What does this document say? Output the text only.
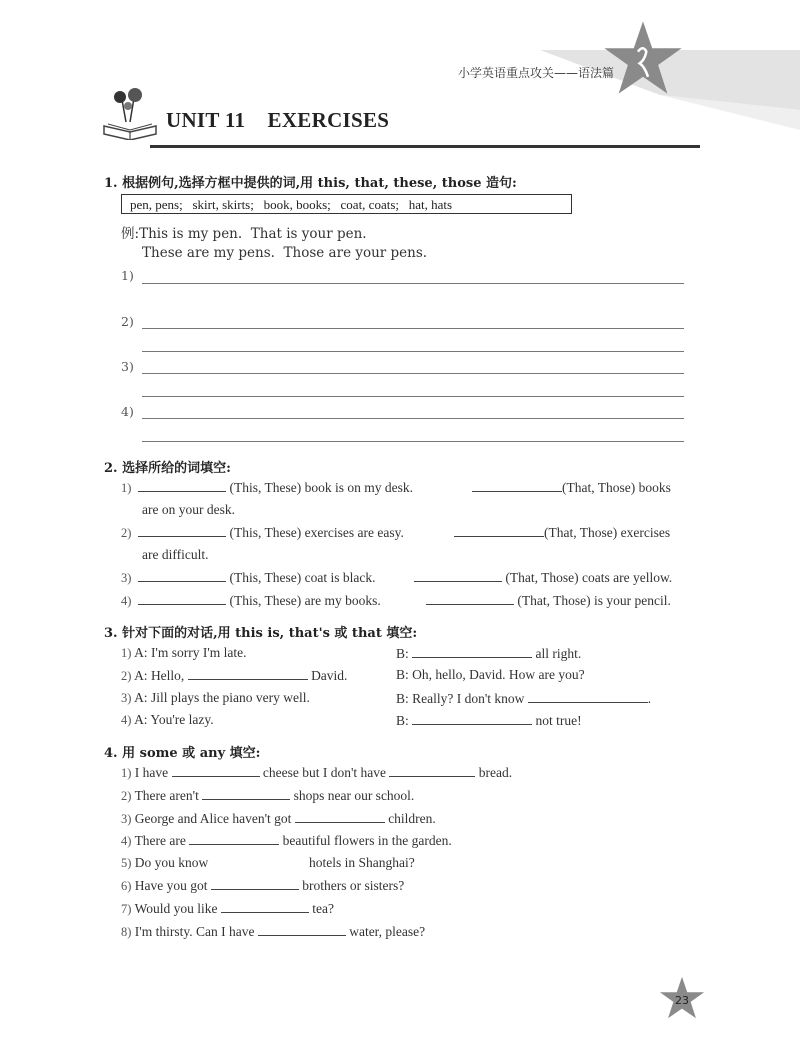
小学英语重点攻关——语法篇
UNIT 11    EXERCISES
1. 根据例句,选择方框中提供的词,用 this, that, these, those 造句:
pen, pens;   skirt, skirts;   book, books;   coat, coats;   hat, hats
例:This is my pen.  That is your pen.
These are my pens.  Those are your pens.
1)
2)
3)
4)
2. 选择所给的词填空:
1)	(This, These) book is on my desk.	(That, Those) books
are on your desk.
2)	(This, These) exercises are easy.	(That, Those) exercises
are difficult.
3)	(This, These) coat is black.	(That, Those) coats are yellow.
4)	(This, These) are my books.	(That, Those) is your pencil.
3. 针对下面的对话,用 this is, that's 或 that 填空:
1) A: I'm sorry I'm late.	B:	all right.
2) A: Hello,	David.	B: Oh, hello, David. How are you?
3) A: Jill plays the piano very well.	B: Really? I don't know	.
4) A: You're lazy.	B:	not true!
4. 用 some 或 any 填空:
1) I have	cheese but I don't have	bread.
2) There aren't	shops near our school.
3) George and Alice haven't got	children.
4) There are	beautiful flowers in the garden.
5) Do you know	hotels in Shanghai?
6) Have you got	brothers or sisters?
7) Would you like	tea?
8) I'm thirsty. Can I have	water, please?
23
